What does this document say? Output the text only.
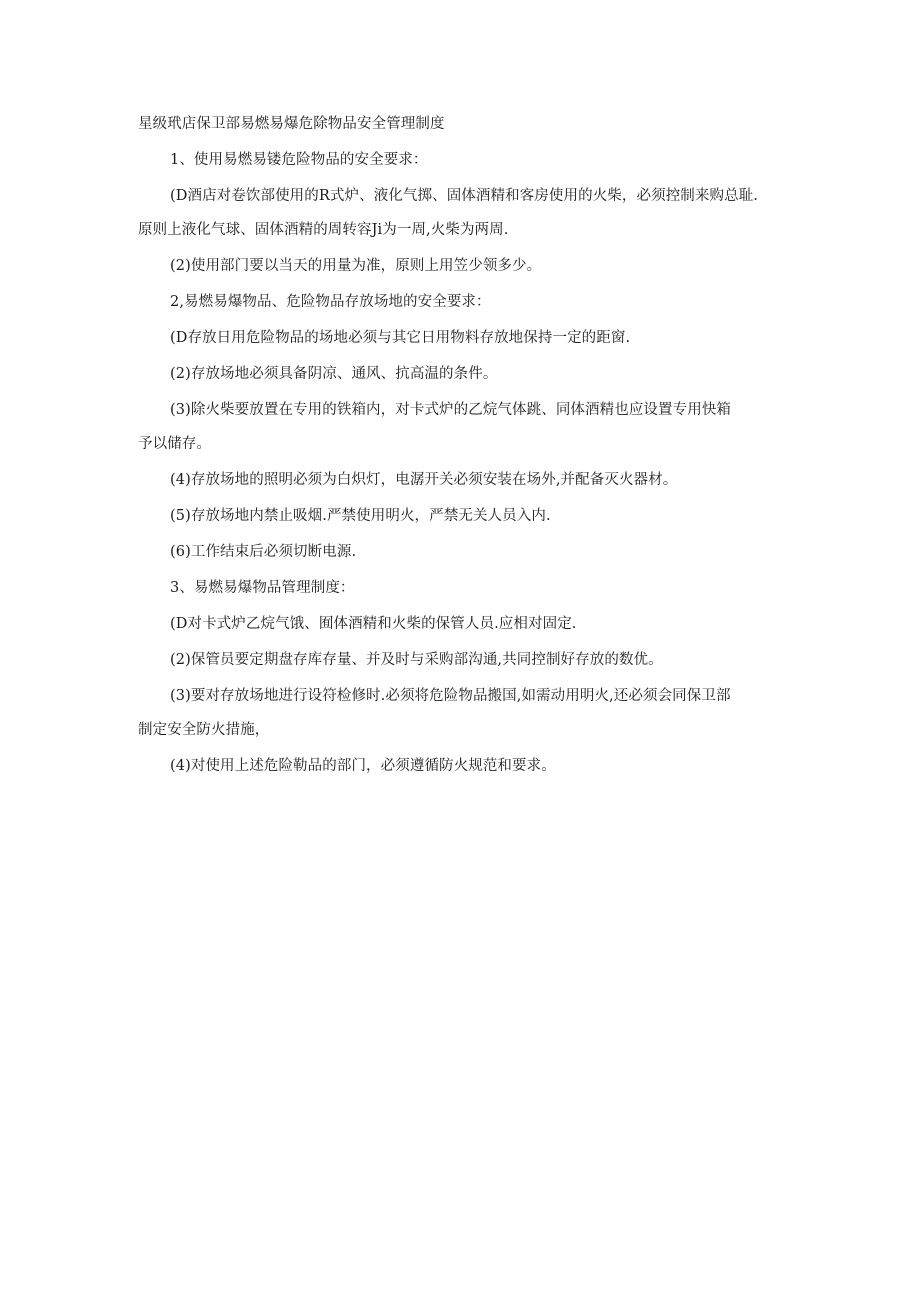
星级玳店保卫部易燃易爆危除物品安全管理制度
1、使用易燃易镂危险物品的安全要求：
(D酒店对卷饮部使用的R式炉、液化气掷、固体酒精和客房使用的火柴，必须控制来购总耻.
原则上液化气球、固体酒精的周转容Ji为一周,火柴为两周.
(2)使用部门要以当天的用量为准，原则上用笠少领多少。
2,易燃易爆物品、危险物品存放场地的安全要求：
(D存放日用危险物品的场地必须与其它日用物料存放地保持一定的距窗.
(2)存放场地必须具备阴凉、通风、抗高温的条件。
(3)除火柴要放置在专用的铁箱内，对卡式炉的乙烷气体跳、同体酒精也应设置专用快箱
予以储存。
(4)存放场地的照明必须为白炽灯，电潺开关必须安装在场外,并配备灭火器材。
(5)存放场地内禁止吸烟.严禁使用明火，严禁无关人员入内.
(6)工作结束后必须切断电源.
3、易燃易爆物品管理制度：
(D对卡式炉乙烷气饿、囿体酒精和火柴的保管人员.应相对固定.
(2)保管员要定期盘存库存量、并及时与采购部沟通,共同控制好存放的数优。
(3)要对存放场地进行设符检修时.必须将危险物品搬国,如需动用明火,还必须会同保卫部
制定安全防火措施，
(4)对使用上述危险勒品的部门，必须遵循防火规范和要求。
